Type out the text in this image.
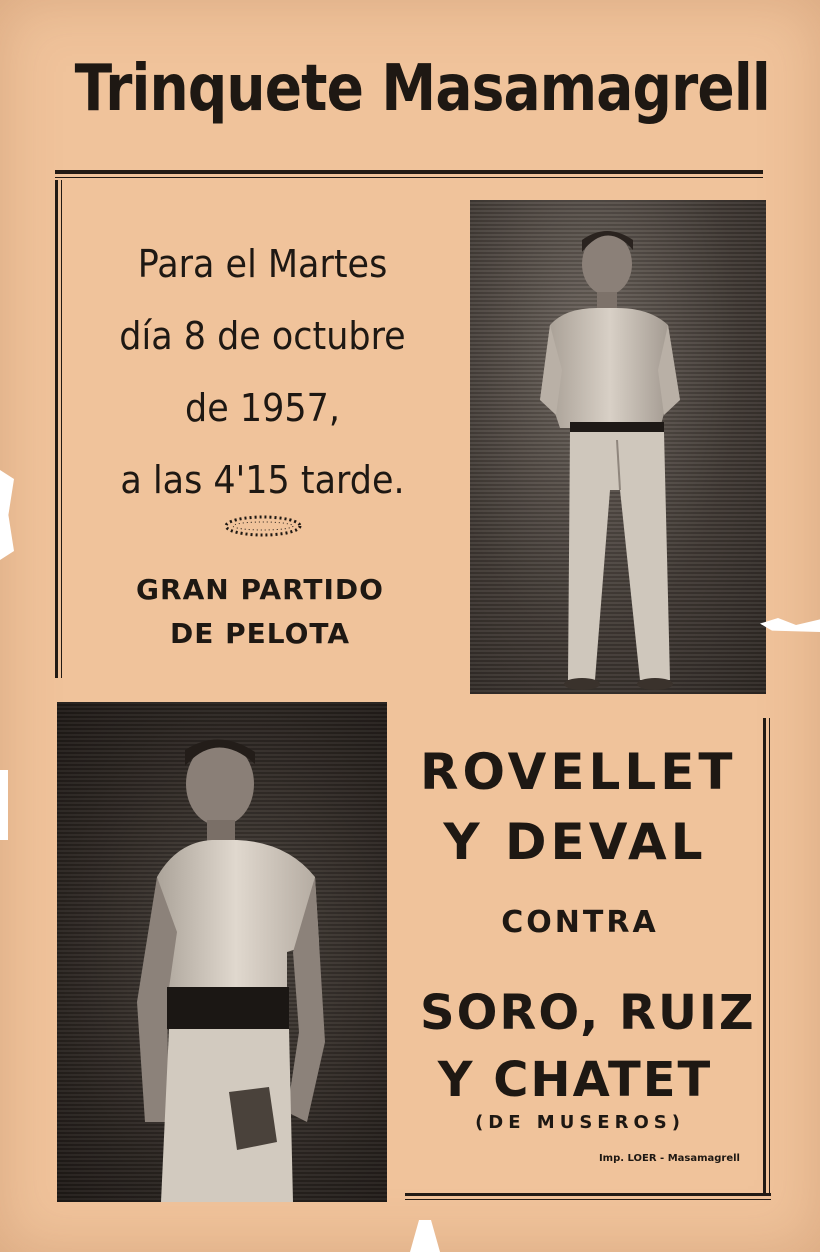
Trinquete Masamagrell
Para el Martes
día 8 de octubre
de 1957,
a las 4'15 tarde.
GRAN PARTIDO
DE PELOTA
ROVELLET
Y DEVAL
CONTRA
SORO, RUIZ
Y CHATET
(DE MUSEROS)
Imp. LOER - Masamagrell
